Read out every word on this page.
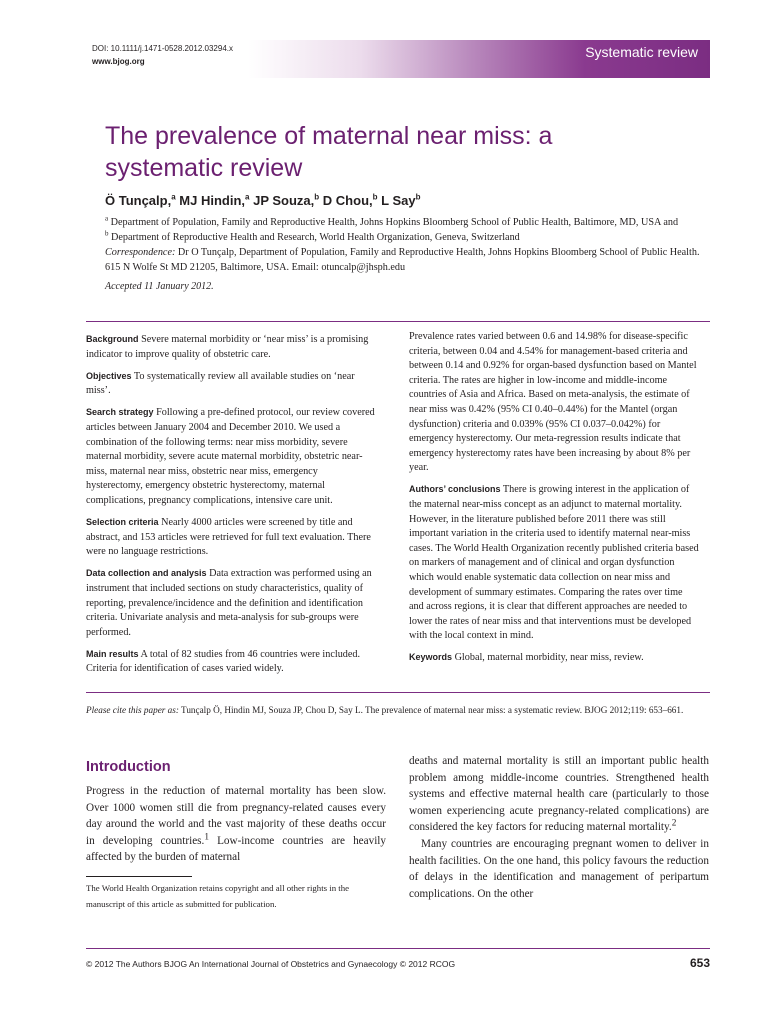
DOI: 10.1111/j.1471-0528.2012.03294.x
www.bjog.org
Systematic review
The prevalence of maternal near miss: a systematic review
Ö Tunçalp,$^a$ MJ Hindin,$^a$ JP Souza,$^b$ D Chou,$^b$ L Say$^b$
$^a$ Department of Population, Family and Reproductive Health, Johns Hopkins Bloomberg School of Public Health, Baltimore, MD, USA and
$^b$ Department of Reproductive Health and Research, World Health Organization, Geneva, Switzerland
Correspondence: Dr O Tunçalp, Department of Population, Family and Reproductive Health, Johns Hopkins Bloomberg School of Public Health. 615 N Wolfe St MD 21205, Baltimore, USA. Email: otuncalp@jhsph.edu
Accepted 11 January 2012.

Background Severe maternal morbidity or ‘near miss’ is a promising indicator to improve quality of obstetric care.

Objectives To systematically review all available studies on ‘near miss’.

Search strategy Following a pre-defined protocol, our review covered articles between January 2004 and December 2010. We used a combination of the following terms: near miss morbidity, severe maternal morbidity, severe acute maternal morbidity, obstetric near-miss, maternal near miss, obstetric near miss, emergency hysterectomy, emergency obstetric hysterectomy, maternal complications, pregnancy complications, intensive care unit.

Selection criteria Nearly 4000 articles were screened by title and abstract, and 153 articles were retrieved for full text evaluation. There were no language restrictions.

Data collection and analysis Data extraction was performed using an instrument that included sections on study characteristics, quality of reporting, prevalence/incidence and the definition and identification criteria. Univariate analysis and meta-analysis for sub-groups were performed.

Main results A total of 82 studies from 46 countries were included. Criteria for identification of cases varied widely.

Prevalence rates varied between 0.6 and 14.98% for disease-specific criteria, between 0.04 and 4.54% for management-based criteria and between 0.14 and 0.92% for organ-based dysfunction based on Mantel criteria. The rates are higher in low-income and middle-income countries of Asia and Africa. Based on meta-analysis, the estimate of near miss was 0.42% (95% CI 0.40–0.44%) for the Mantel (organ dysfunction) criteria and 0.039% (95% CI 0.037–0.042%) for emergency hysterectomy. Our meta-regression results indicate that emergency hysterectomy rates have been increasing by about 8% per year.

Authors’ conclusions There is growing interest in the application of the maternal near-miss concept as an adjunct to maternal mortality. However, in the literature published before 2011 there was still important variation in the criteria used to identify maternal near-miss cases. The World Health Organization recently published criteria based on markers of management and of clinical and organ dysfunction which would enable systematic data collection on near miss and development of summary estimates. Comparing the rates over time and across regions, it is clear that different approaches are needed to lower the rates of near miss and that interventions must be developed with the local context in mind.

Keywords Global, maternal morbidity, near miss, review.

Please cite this paper as: Tunçalp Ö, Hindin MJ, Souza JP, Chou D, Say L. The prevalence of maternal near miss: a systematic review. BJOG 2012;119: 653–661.
Introduction

Progress in the reduction of maternal mortality has been slow. Over 1000 women still die from pregnancy-related causes every day around the world and the vast majority of these deaths occur in developing countries.$^1$ Low-income countries are heavily affected by the burden of maternal

deaths and maternal mortality is still an important public health problem among middle-income countries. Strengthened health systems and effective maternal health care (particularly to those women experiencing acute pregnancy-related complications) are considered the key factors for reducing maternal mortality.$^2$

Many countries are encouraging pregnant women to deliver in health facilities. On the one hand, this policy favours the reduction of delays in the identification and management of peripartum complications. On the other

The World Health Organization retains copyright and all other rights in the manuscript of this article as submitted for publication.
© 2012 The Authors BJOG An International Journal of Obstetrics and Gynaecology © 2012 RCOG	653
